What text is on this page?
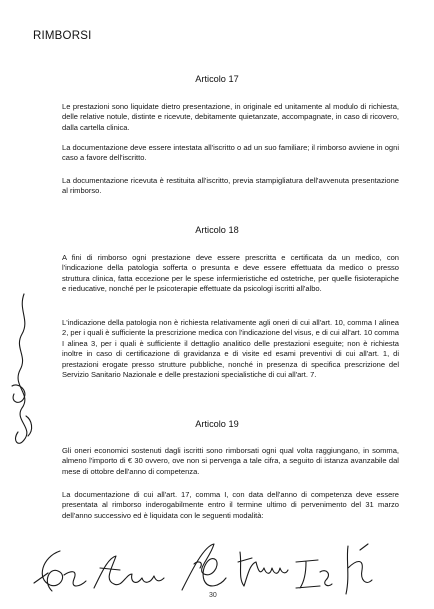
RIMBORSI
Articolo 17

Le prestazioni sono liquidate dietro presentazione, in originale ed unitamente al modulo di richiesta, delle relative notule, distinte e ricevute, debitamente quietanzate, accompagnate, in caso di ricovero, dalla cartella clinica.

La documentazione deve essere intestata all'iscritto o ad un suo familiare; il rimborso avviene in ogni caso a favore dell'iscritto.

La documentazione ricevuta è restituita all'iscritto, previa stampigliatura dell'avvenuta presentazione al rimborso.

Articolo 18

A fini di rimborso ogni prestazione deve essere prescritta e certificata da un medico, con l'indicazione della patologia sofferta o presunta e deve essere effettuata da medico o presso struttura clinica, fatta eccezione per le spese infermieristiche ed ostetriche, per quelle fisioterapiche e rieducative, nonché per le psicoterapie effettuate da psicologi iscritti all'albo.

L'indicazione della patologia non è richiesta relativamente agli oneri di cui all'art. 10, comma I alinea 2, per i quali è sufficiente la prescrizione medica con l'indicazione del visus, e di cui all'art. 10 comma I alinea 3, per i quali è sufficiente il dettaglio analitico delle prestazioni eseguite; non è richiesta inoltre in caso di certificazione di gravidanza e di visite ed esami preventivi di cui all'art. 1, di prestazioni erogate presso strutture pubbliche, nonché in presenza di specifica prescrizione del Servizio Sanitario Nazionale e delle prestazioni specialistiche di cui all'art. 7.

Articolo 19

Gli oneri economici sostenuti dagli iscritti sono rimborsati ogni qual volta raggiungano, in somma, almeno l'importo di € 30 ovvero, ove non si pervenga a tale cifra, a seguito di istanza avanzabile dal mese di ottobre dell'anno di competenza.

La documentazione di cui all'art. 17, comma I, con data dell'anno di competenza deve essere presentata al rimborso inderogabilmente entro il termine ultimo di pervenimento del 31 marzo dell'anno successivo ed è liquidata con le seguenti modalità:

30
